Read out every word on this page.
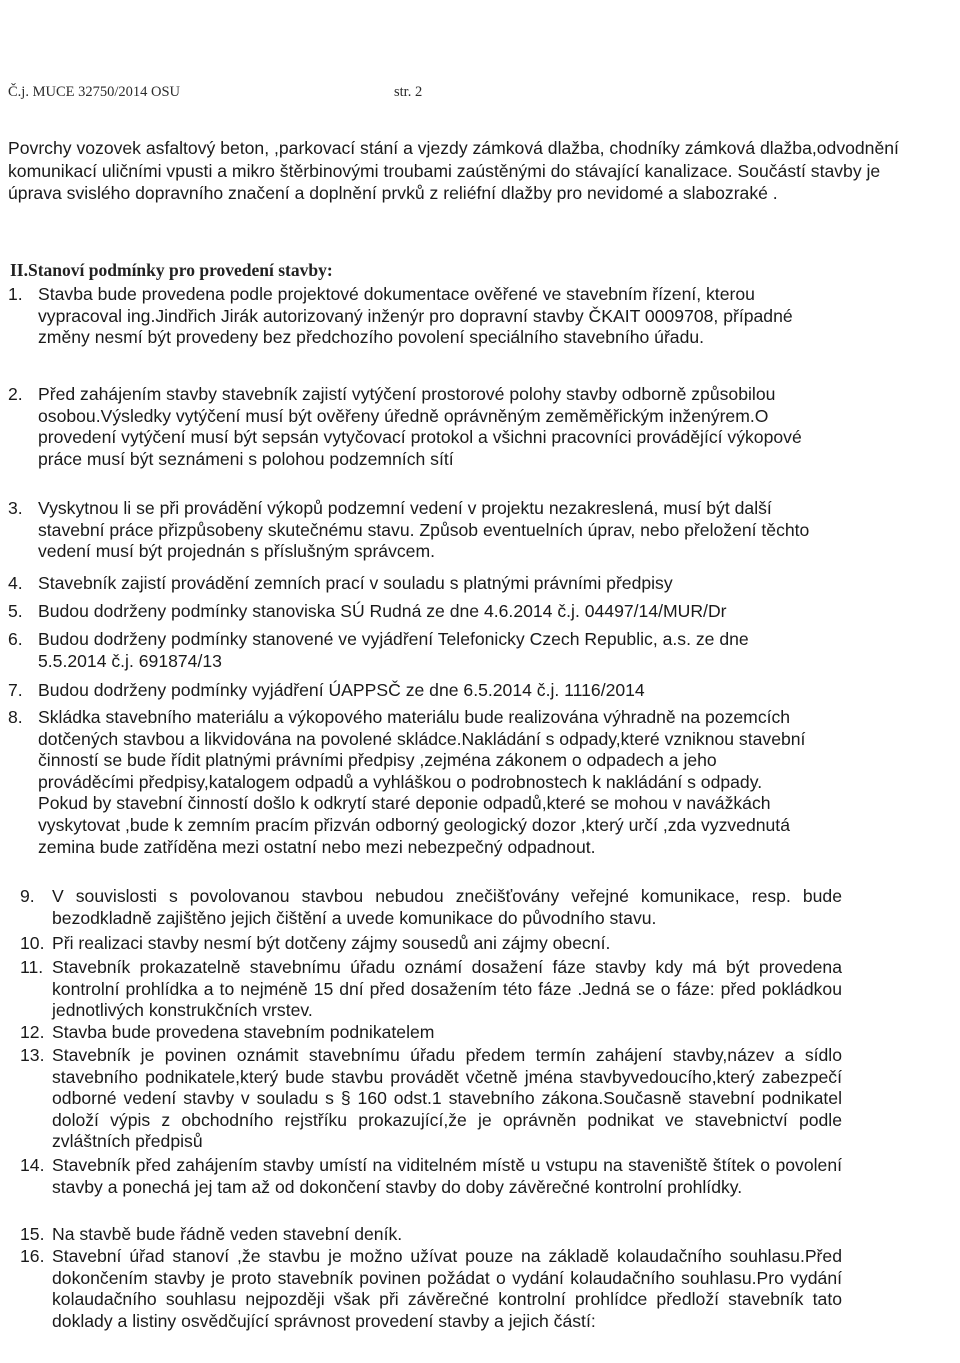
Č.j. MUCE 32750/2014 OSU	str. 2

Povrchy vozovek asfaltový beton, ,parkovací stání a vjezdy zámková dlažba, chodníky zámková dlažba,odvodnění komunikací uličními vpusti a mikro štěrbinovými troubami zaústěnými do stávající kanalizace. Součástí stavby je úprava svislého dopravního značení a doplnění prvků z reliéfní dlažby pro nevidomé a slabozraké .

II.Stanoví podmínky pro provedení stavby:
1. Stavba bude provedena podle projektové dokumentace ověřené ve stavebním řízení, kterou vypracoval ing.Jindřich Jirák autorizovaný inženýr pro dopravní stavby ČKAIT 0009708, případné změny nesmí být provedeny bez předchozího povolení speciálního stavebního úřadu.
2. Před zahájením stavby stavebník zajistí vytýčení prostorové polohy stavby odborně způsobilou osobou.Výsledky vytýčení musí být ověřeny úředně oprávněným zeměměřickým inženýrem.O provedení vytýčení musí být sepsán vytyčovací protokol a všichni pracovníci provádějící výkopové práce musí být seznámeni s polohou podzemních sítí
3. Vyskytnou li se při provádění výkopů podzemní vedení v projektu nezakreslená, musí být další stavební práce přizpůsobeny skutečnému stavu. Způsob eventuelních úprav, nebo přeložení těchto vedení musí být projednán s příslušným správcem.
4. Stavebník zajistí provádění zemních prací v souladu s platnými právními předpisy
5. Budou dodrženy podmínky stanoviska SÚ Rudná ze dne 4.6.2014 č.j. 04497/14/MUR/Dr
6. Budou dodrženy podmínky stanovené ve vyjádření Telefonicky Czech Republic, a.s. ze dne 5.5.2014 č.j. 691874/13
7. Budou dodrženy podmínky vyjádření ÚAPPSČ ze dne 6.5.2014 č.j. 1116/2014
8. Skládka stavebního materiálu a výkopového materiálu bude realizována výhradně na pozemcích dotčených stavbou a likvidována na povolené skládce.Nakládání s odpady,které vzniknou stavební činností se bude řídit platnými právními předpisy ,zejména zákonem o odpadech a jeho prováděcími předpisy,katalogem odpadů a vyhláškou o podrobnostech k nakládání s odpady. Pokud by stavební činností došlo k odkrytí staré deponie odpadů,které se mohou v navážkách vyskytovat ,bude k zemním pracím přizván odborný geologický dozor ,který určí ,zda vyzvednutá zemina bude zatříděna mezi ostatní nebo mezi nebezpečný odpadnout.
9. V souvislosti s povolovanou stavbou nebudou znečišťovány veřejné komunikace, resp. bude bezodkladně zajištěno jejich čištění a uvede komunikace do původního stavu.
10. Při realizaci stavby nesmí být dotčeny zájmy sousedů ani zájmy obecní.
11. Stavebník prokazatelně stavebnímu úřadu oznámí dosažení fáze stavby kdy má být provedena kontrolní prohlídka a to nejméně 15 dní před dosažením této fáze .Jedná se o fáze: před pokládkou jednotlivých konstrukčních vrstev.
12. Stavba bude provedena stavebním podnikatelem
13. Stavebník je povinen oznámit stavebnímu úřadu předem termín zahájení stavby,název a sídlo stavebního podnikatele,který bude stavbu provádět včetně jména stavbyvedoucího,který zabezpečí odborné vedení stavby v souladu s § 160 odst.1 stavebního zákona.Současně stavební podnikatel doloží výpis z obchodního rejstříku prokazující,že je oprávněn podnikat ve stavebnictví podle zvláštních předpisů
14. Stavebník před zahájením stavby umístí na viditelném místě u vstupu na staveniště štítek o povolení stavby a ponechá jej tam až od dokončení stavby do doby závěrečné kontrolní prohlídky.
15. Na stavbě bude řádně veden stavební deník.
16. Stavební úřad stanoví ,že stavbu je možno užívat pouze na základě kolaudačního souhlasu.Před dokončením stavby je proto stavebník povinen požádat o vydání kolaudačního souhlasu.Pro vydání kolaudačního souhlasu nejpozději však při závěrečné kontrolní prohlídce předloží stavebník tato doklady a listiny osvědčující správnost provedení stavby a jejich částí:
